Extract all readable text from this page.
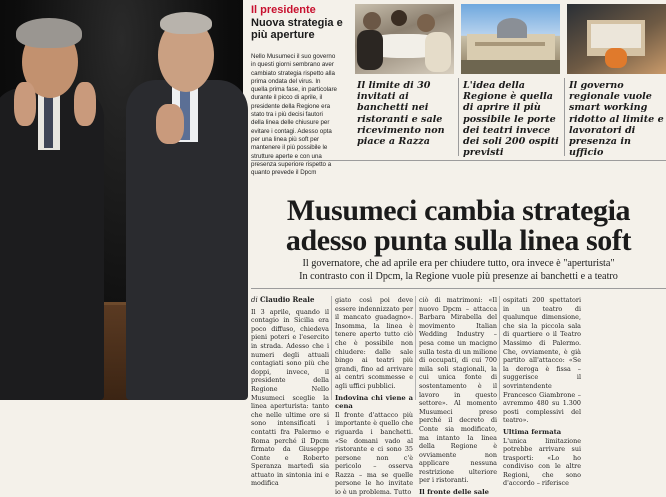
Il presidente
Nuova strategia e più aperture
Nello Musumeci il suo governo in questi giorni sembrano aver cambiato strategia rispetto alla prima ondata del virus. In quella prima fase, in particolare durante il picco di aprile, il presidente della Regione era stato tra i più decisi fautori della linea delle chiusure per evitare i contagi. Adesso opta per una linea più soft per mantenere il più possibile le strutture aperte e con una presenza superiore rispetto a quanto prevede il Dpcm
Il limite di 30 invitati ai banchetti nei ristoranti e sale ricevimento non piace a Razza
L'idea della Regione è quella di aprire il più possibile le porte dei teatri invece dei soli 200 ospiti previsti
Il governo regionale vuole smart working ridotto al limite e lavoratori di presenza in ufficio
Musumeci cambia strategia
adesso punta sulla linea soft
Il governatore, che ad aprile era per chiudere tutto, ora invece è "aperturista"
In contrasto con il Dpcm, la Regione vuole più presenze ai banchetti e a teatro
di Claudio Reale
Il 3 aprile, quando il contagio in Sicilia era poco diffuso, chiedeva pieni poteri e l'esercito in strada. Adesso che i numeri degli attuali contagiati sono più che doppi, invece, il presidente della Regione Nello Musumeci sceglie la linea aperturista: tanto che nelle ultime ore si sono intensificati i contatti fra Palermo e Roma perché il Dpcm firmato da Giuseppe Conte e Roberto Speranza martedì sia attuato in sintonia ini e modifica
giato così poi deve essere indennizzato per il mancato guadagno». Insomma, la linea è tenere aperto tutto ciò che è possibile non chiudere: dalle sale bingo ai teatri più grandi, fino ad arrivare ai centri scommesse e agli uffici pubblici.
Indovina chi viene a cena
Il fronte d'attacco più importante è quello che riguarda i banchetti. «Se domani vado al ristorante e ci sono 35 persone non c'è pericolo – osserva Razza – ma se quelle persone le ho invitate io è un problema. Tutto
ciò di matrimoni: «Il nuovo Dpcm – attacca Barbara Mirabella del movimento Italian Wedding Industry – pesa come un macigno sulla testa di un milione di occupati, di cui 700 mila soli stagionali, la cui unica fonte di sostentamento è il lavoro in questo settore». Al momento Musumeci preso perché il decreto di Conte sia modificato, ma intanto la linea della Regione è ovviamente non applicare nessuna restrizione ulteriore per i ristoranti.
Il fronte delle sale
ospitati 200 spettatori in un teatro di qualunque dimensione, che sia la piccola sala di quartiere o il Teatro Massimo di Palermo. Che, ovviamente, è già partito all'attacco: «Se la deroga è fissa – suggerisce il sovrintendente Francesco Giambrone – avremmo 480 su 1.300 posti complessivi del teatro».
Ultima fermata
L'unica limitazione potrebbe arrivare sui trasporti: «Lo ho condiviso con le altre Regioni, che sono d'accordo – riferisce
